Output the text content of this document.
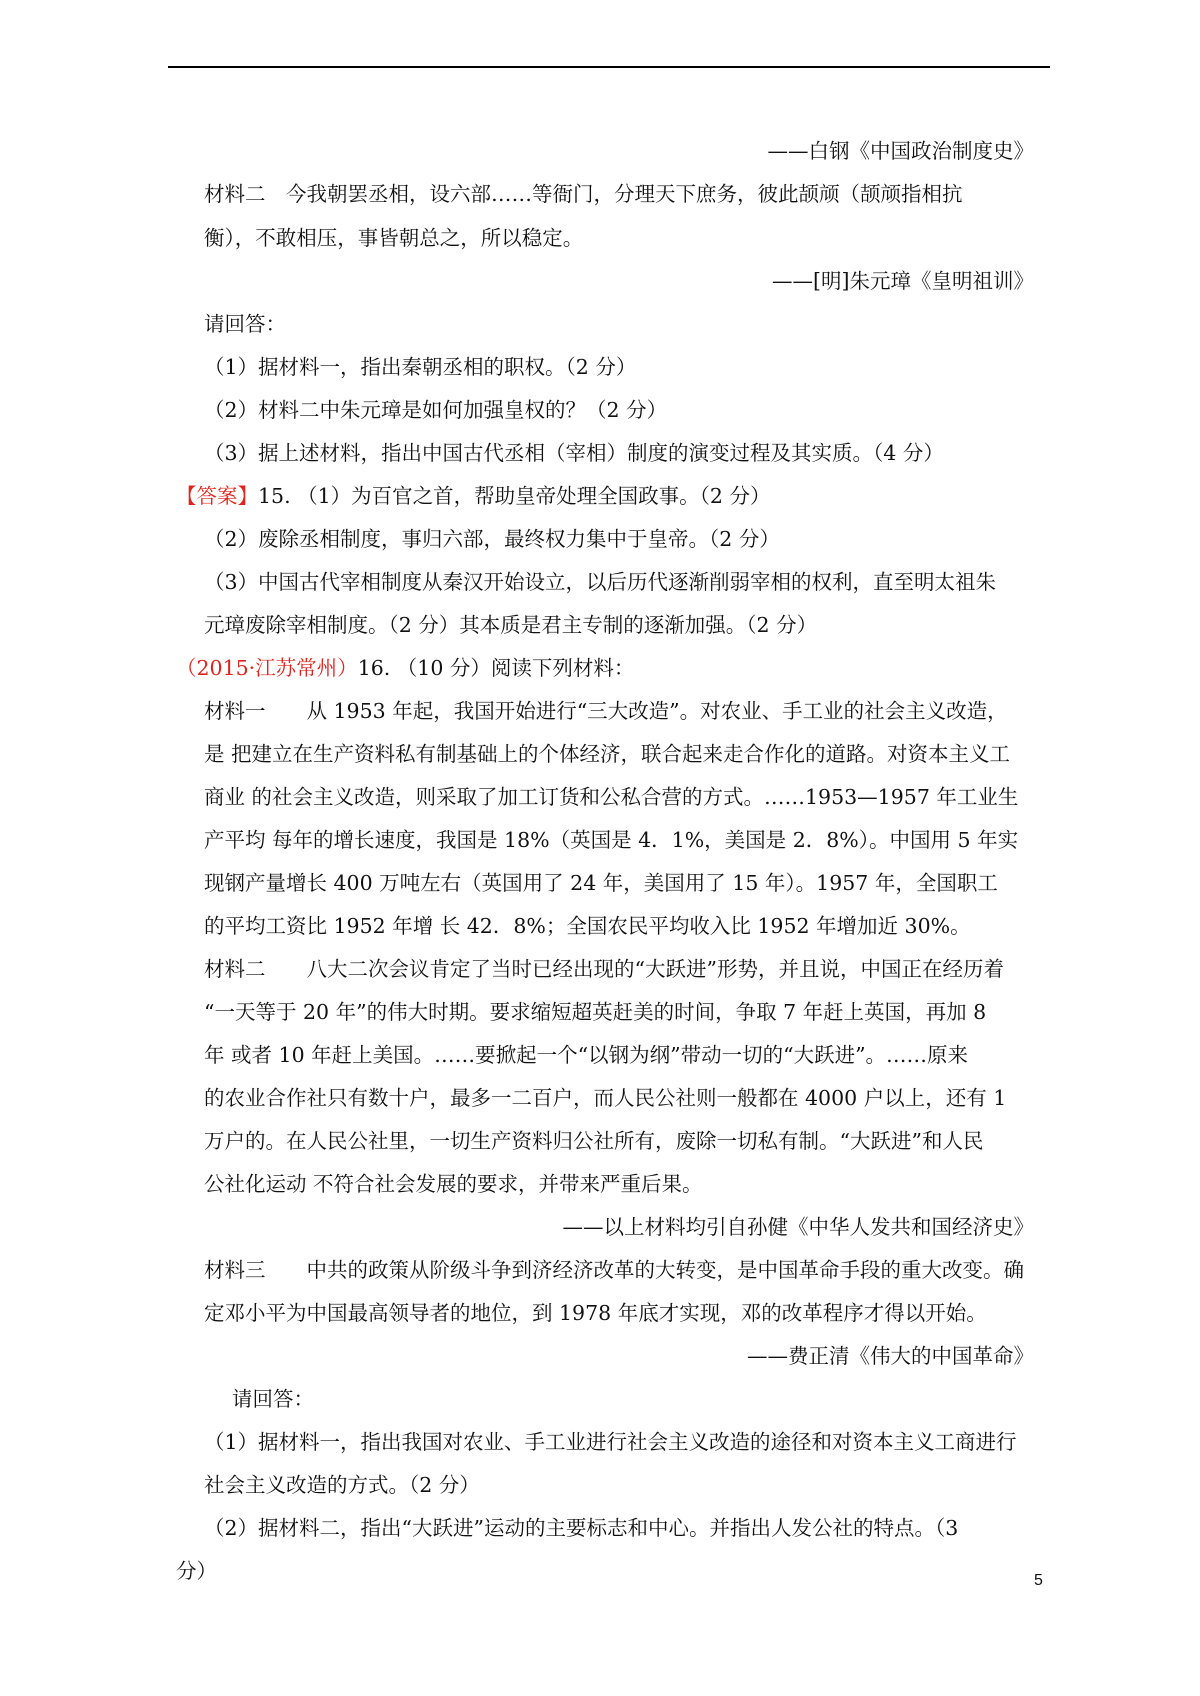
——白钢《中国政治制度史》
材料二　今我朝罢丞相，设六部……等衙门，分理天下庶务，彼此颉颃（颉颃指相抗
衡），不敢相压，事皆朝总之，所以稳定。
——[明]朱元璋《皇明祖训》
请回答：
（1）据材料一，指出秦朝丞相的职权。（2 分）
（2）材料二中朱元璋是如何加强皇权的？（2 分）
（3）据上述材料，指出中国古代丞相（宰相）制度的演变过程及其实质。（4 分）
【答案】15. （1）为百官之首，帮助皇帝处理全国政事。（2 分）
（2）废除丞相制度，事归六部，最终权力集中于皇帝。（2 分）
（3）中国古代宰相制度从秦汉开始设立，以后历代逐渐削弱宰相的权利，直至明太祖朱
元璋废除宰相制度。（2 分）其本质是君主专制的逐渐加强。（2 分）
（2015·江苏常州）16. （10 分）阅读下列材料：
材料一　　从 1953 年起，我国开始进行“三大改造”。对农业、手工业的社会主义改造，
是 把建立在生产资料私有制基础上的个体经济，联合起来走合作化的道路。对资本主义工
商业 的社会主义改造，则采取了加工订货和公私合营的方式。……1953—1957 年工业生
产平均 每年的增长速度，我国是 18%（英国是 4．1%，美国是 2．8%）。中国用 5 年实
现钢产量增长 400 万吨左右（英国用了 24 年，美国用了 15 年）。1957 年，全国职工
的平均工资比 1952 年增 长 42．8%；全国农民平均收入比 1952 年增加近 30%。
材料二　　八大二次会议肯定了当时已经出现的“大跃进”形势，并且说，中国正在经历着
“一天等于 20 年”的伟大时期。要求缩短超英赶美的时间，争取 7 年赶上英国，再加 8
年 或者 10 年赶上美国。……要掀起一个“以钢为纲”带动一切的“大跃进”。……原来
的农业合作社只有数十户，最多一二百户，而人民公社则一般都在 4000 户以上，还有 1
万户的。在人民公社里，一切生产资料归公社所有，废除一切私有制。“大跃进”和人民
公社化运动 不符合社会发展的要求，并带来严重后果。
——以上材料均引自孙健《中华人发共和国经济史》
材料三　　中共的政策从阶级斗争到济经济改革的大转变，是中国革命手段的重大改变。确
定邓小平为中国最高领导者的地位，到 1978 年底才实现，邓的改革程序才得以开始。
——费正清《伟大的中国革命》
请回答：
（1）据材料一，指出我国对农业、手工业进行社会主义改造的途径和对资本主义工商进行
社会主义改造的方式。（2 分）
（2）据材料二，指出“大跃进”运动的主要标志和中心。并指出人发公社的特点。（3
分）	5
